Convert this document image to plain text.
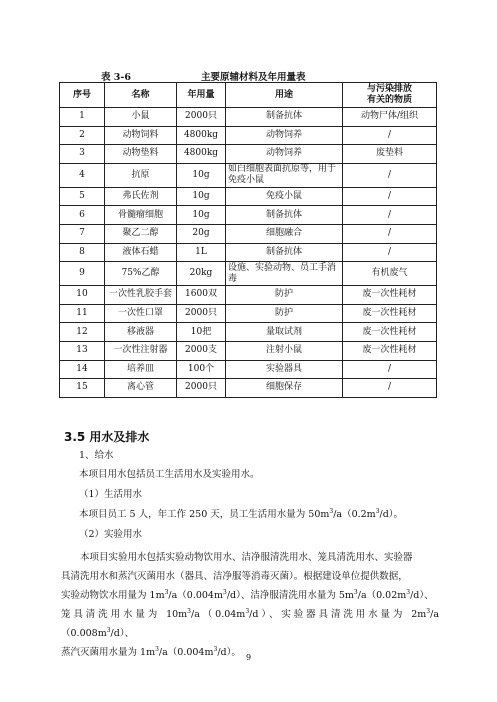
表 3-6	主要原辅材料及年用量表
序号	名称	年用量	用途	与污染排放
有关的物质
1	小鼠	2000只	制备抗体	动物尸体/组织
2	动物饲料	4800kg	动物饲养	/
3	动物垫料	4800kg	动物饲养	废垫料
4	抗原	10g	如白细胞表面抗原等，用于免疫小鼠	/
5	弗氏佐剂	10g	免疫小鼠	/
6	骨髓瘤细胞	10g	制备抗体	/
7	聚乙二醇	20g	细胞融合	/
8	液体石蜡	1L	制备抗体	/
9	75%乙醇	20kg	设施、实验动物、员工手消毒	有机废气
10	一次性乳胶手套	1600双	防护	废一次性耗材
11	一次性口罩	2000只	防护	废一次性耗材
12	移液器	10把	量取试剂	废一次性耗材
13	一次性注射器	2000支	注射小鼠	废一次性耗材
14	培养皿	100个	实验器具	/
15	离心管	2000只	细胞保存	/
3.5 用水及排水
1、给水
本项目用水包括员工生活用水及实验用水。
（1）生活用水
本项目员工 5 人，年工作 250 天，员工生活用水量为 $50m^3/a(0.2m^3/d)$。
（2）实验用水
本项目实验用水包括实验动物饮用水、洁净服清洗用水、笼具清洗用水、实验器
具清洗用水和蒸汽灭菌用水（器具、洁净服等消毒灭菌）。根据建设单位提供数据，
实验动物饮水用量为 $1m^3/a(0.004m^3/d)$、洁净服清洗用水量为 $5m^3/a(0.02m^3/d)$、
笼具清洗用水量为 $10m^3/a(0.04m^3/d)$、实验器具清洗用水量为 $2m^3/a(0.008m^3/d)$、
蒸汽灭菌用水量为 $1m^3/a(0.004m^3/d)$。 9
